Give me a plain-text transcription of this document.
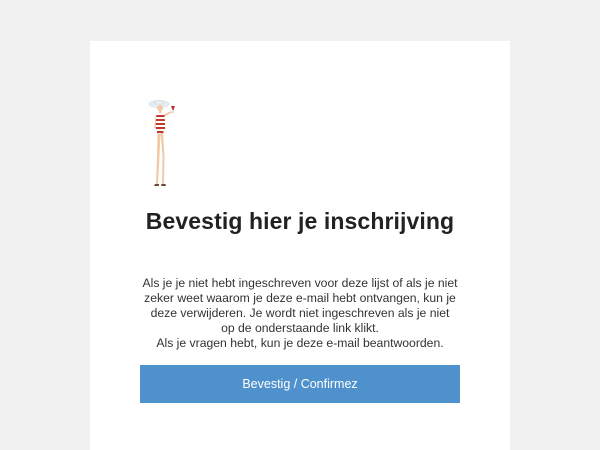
Bevestig hier je inschrijving
Als je je niet hebt ingeschreven voor deze lijst of als je niet
zeker weet waarom je deze e-mail hebt ontvangen, kun je
deze verwijderen. Je wordt niet ingeschreven als je niet
op de onderstaande link klikt.
Als je vragen hebt, kun je deze e-mail beantwoorden.
Bevestig / Confirmez
